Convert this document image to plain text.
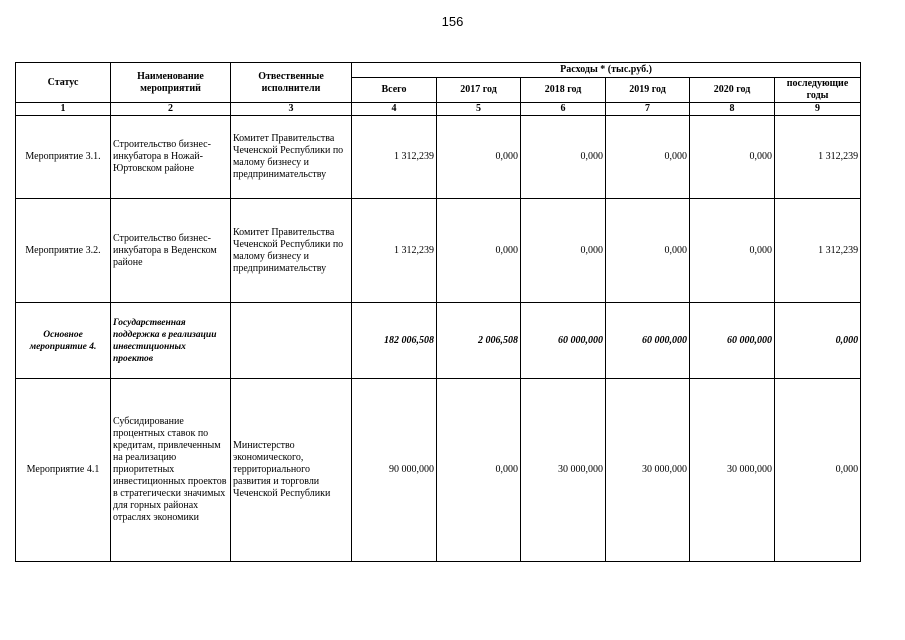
156
Статус	Наименование мероприятий	Отвественные исполнители	Расходы * (тыс.руб.)					
			Всего	2017 год	2018 год	2019 год	2020 год	последующие годы
1	2	3	4	5	6	7	8	9
Мероприятие 3.1.	Строительство бизнес-инкубатора в Ножай-Юртовском районе	Комитет Правительства Чеченской Республики по малому бизнесу и предпринимательству	1 312,239	0,000	0,000	0,000	0,000	1 312,239
Мероприятие 3.2.	Строительство бизнес-инкубатора в Веденском районе	Комитет Правительства Чеченской Республики по малому бизнесу и предпринимательству	1 312,239	0,000	0,000	0,000	0,000	1 312,239
Основное мероприятие 4.	Государственная поддержка в реализации инвестиционных проектов		182 006,508	2 006,508	60 000,000	60 000,000	60 000,000	0,000
Мероприятие 4.1	Субсидирование процентных ставок по кредитам, привлеченным на реализацию приоритетных инвестиционных проектов в стратегически значимых для горных районах отраслях экономики	Министерство экономического, территориального развития и торговли Чеченской Республики	90 000,000	0,000	30 000,000	30 000,000	30 000,000	0,000
